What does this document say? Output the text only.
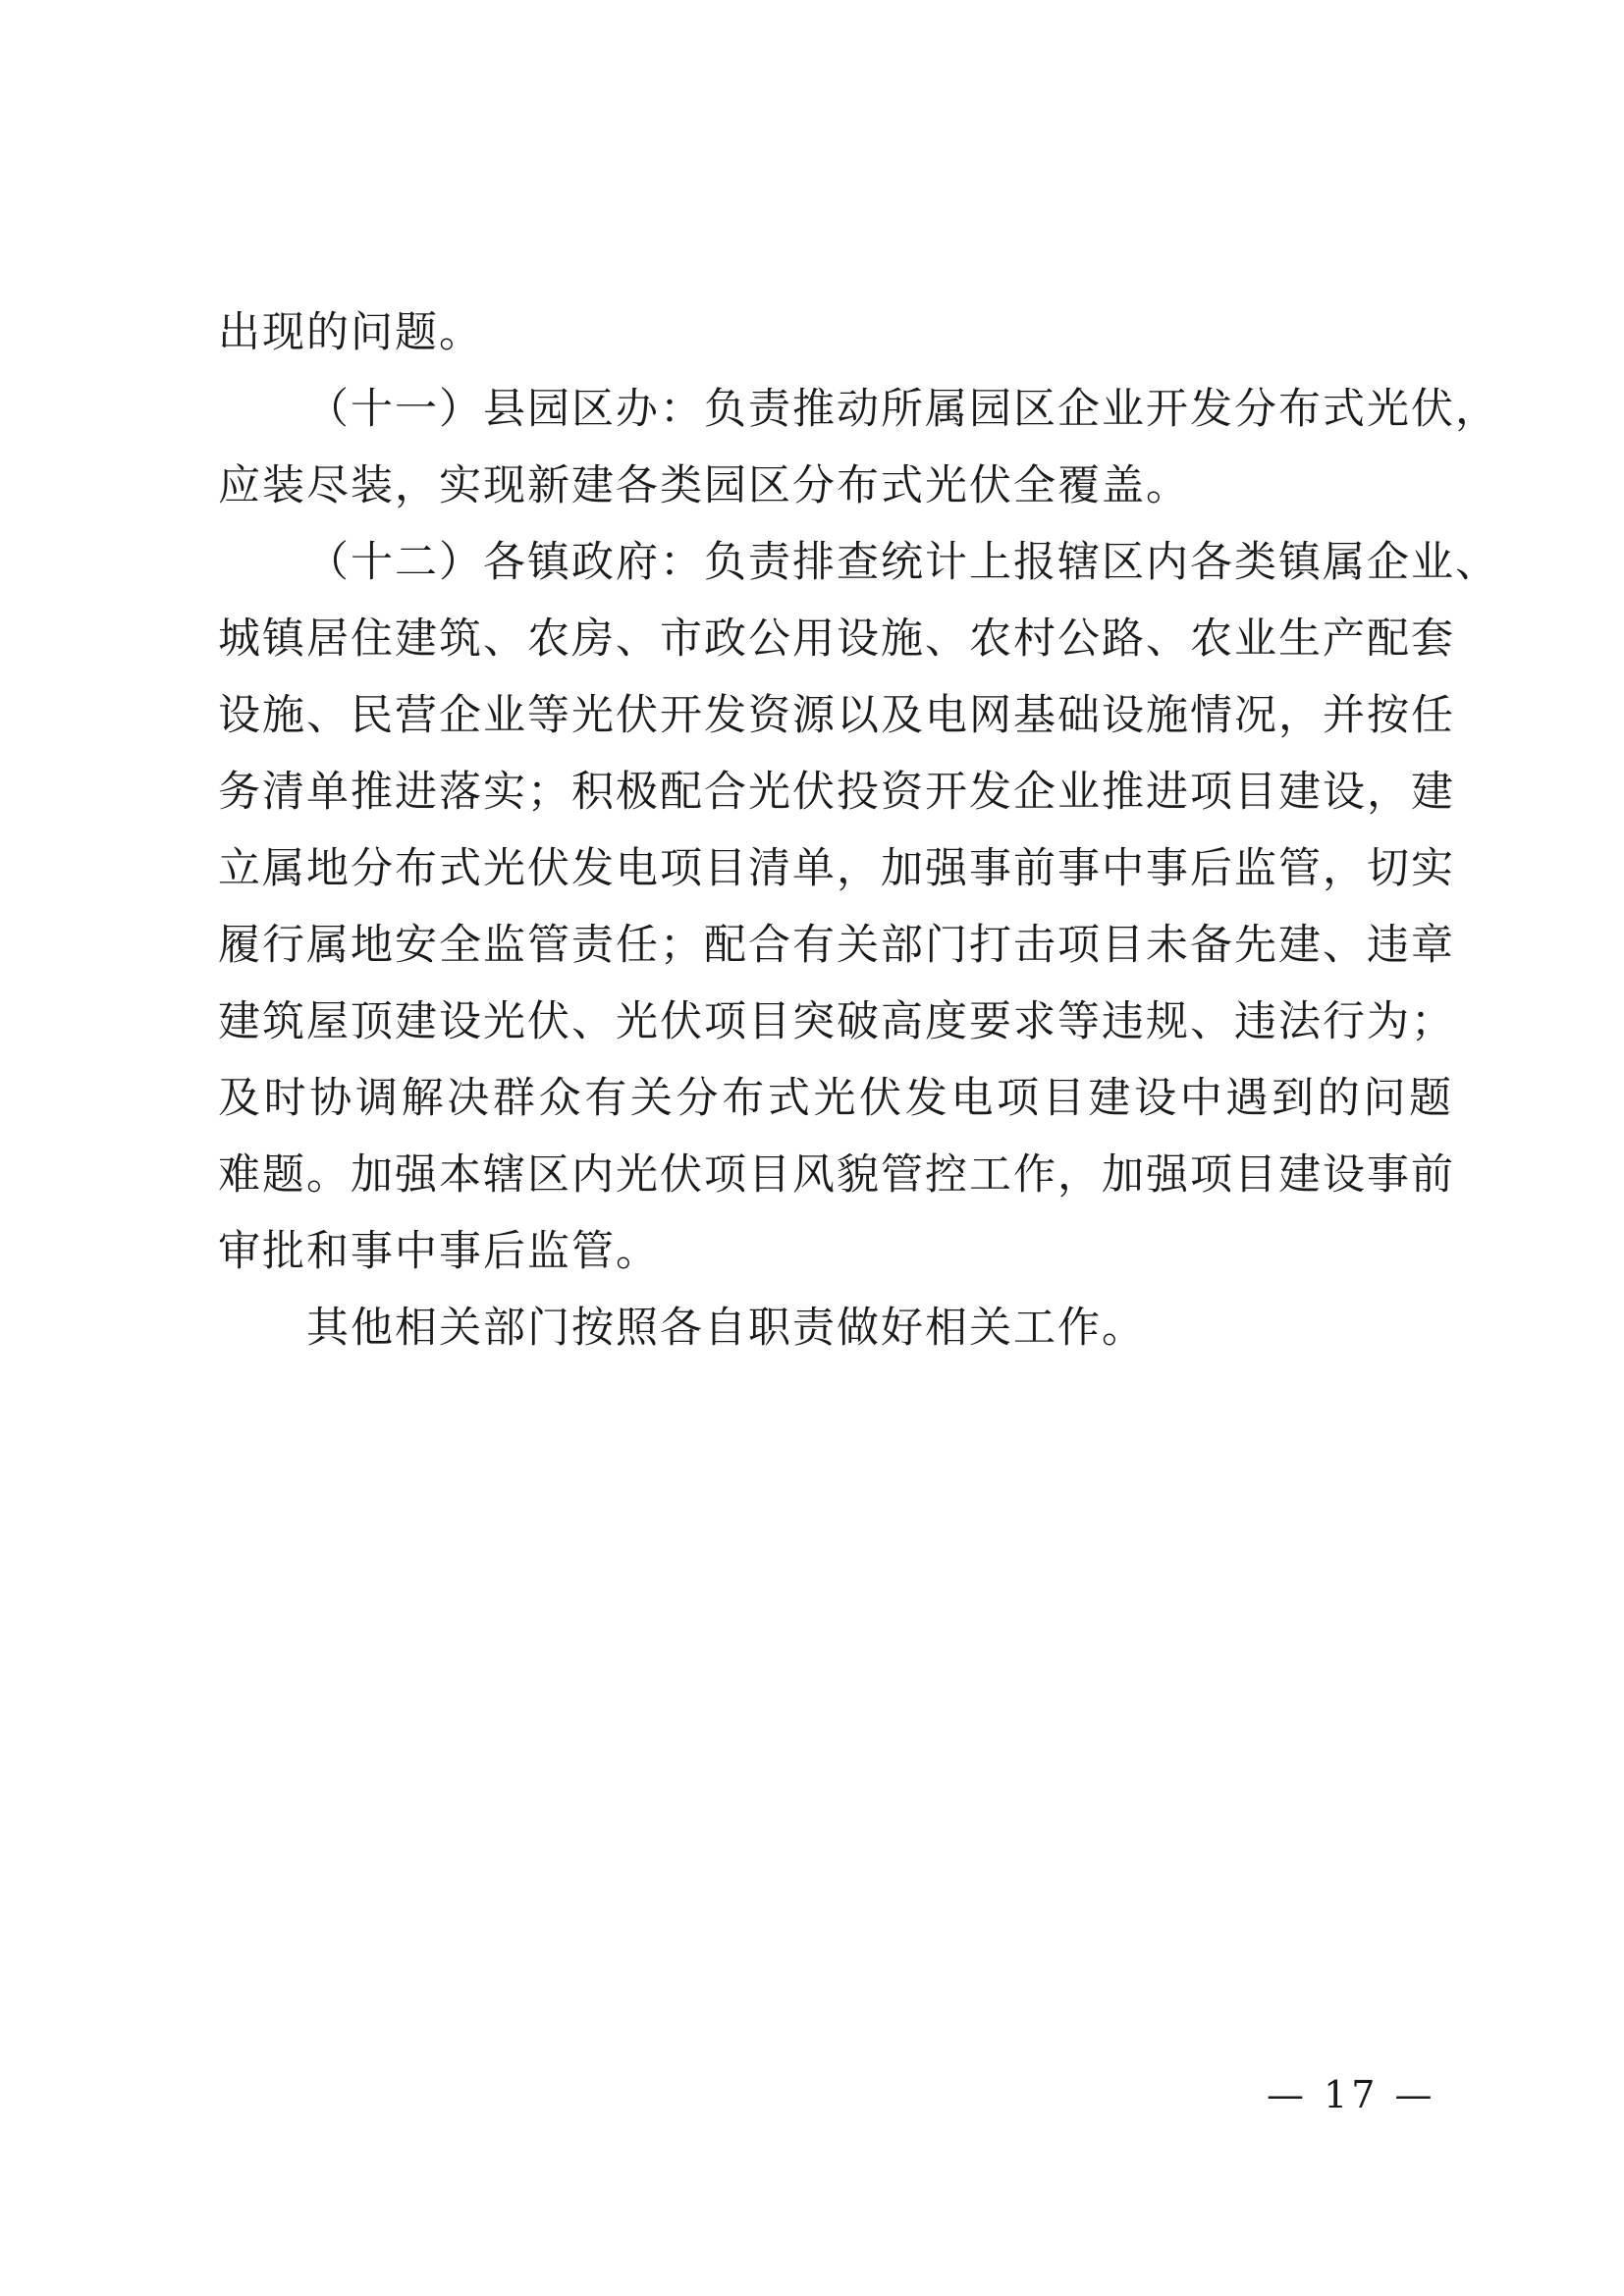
出现的问题。
（十一）县园区办：负责推动所属园区企业开发分布式光伏，
应装尽装，实现新建各类园区分布式光伏全覆盖。
（十二）各镇政府：负责排查统计上报辖区内各类镇属企业、
城镇居住建筑、农房、市政公用设施、农村公路、农业生产配套
设施、民营企业等光伏开发资源以及电网基础设施情况，并按任
务清单推进落实；积极配合光伏投资开发企业推进项目建设，建
立属地分布式光伏发电项目清单，加强事前事中事后监管，切实
履行属地安全监管责任；配合有关部门打击项目未备先建、违章
建筑屋顶建设光伏、光伏项目突破高度要求等违规、违法行为；
及时协调解决群众有关分布式光伏发电项目建设中遇到的问题
难题。加强本辖区内光伏项目风貌管控工作，加强项目建设事前
审批和事中事后监管。
其他相关部门按照各自职责做好相关工作。
— 17 —
